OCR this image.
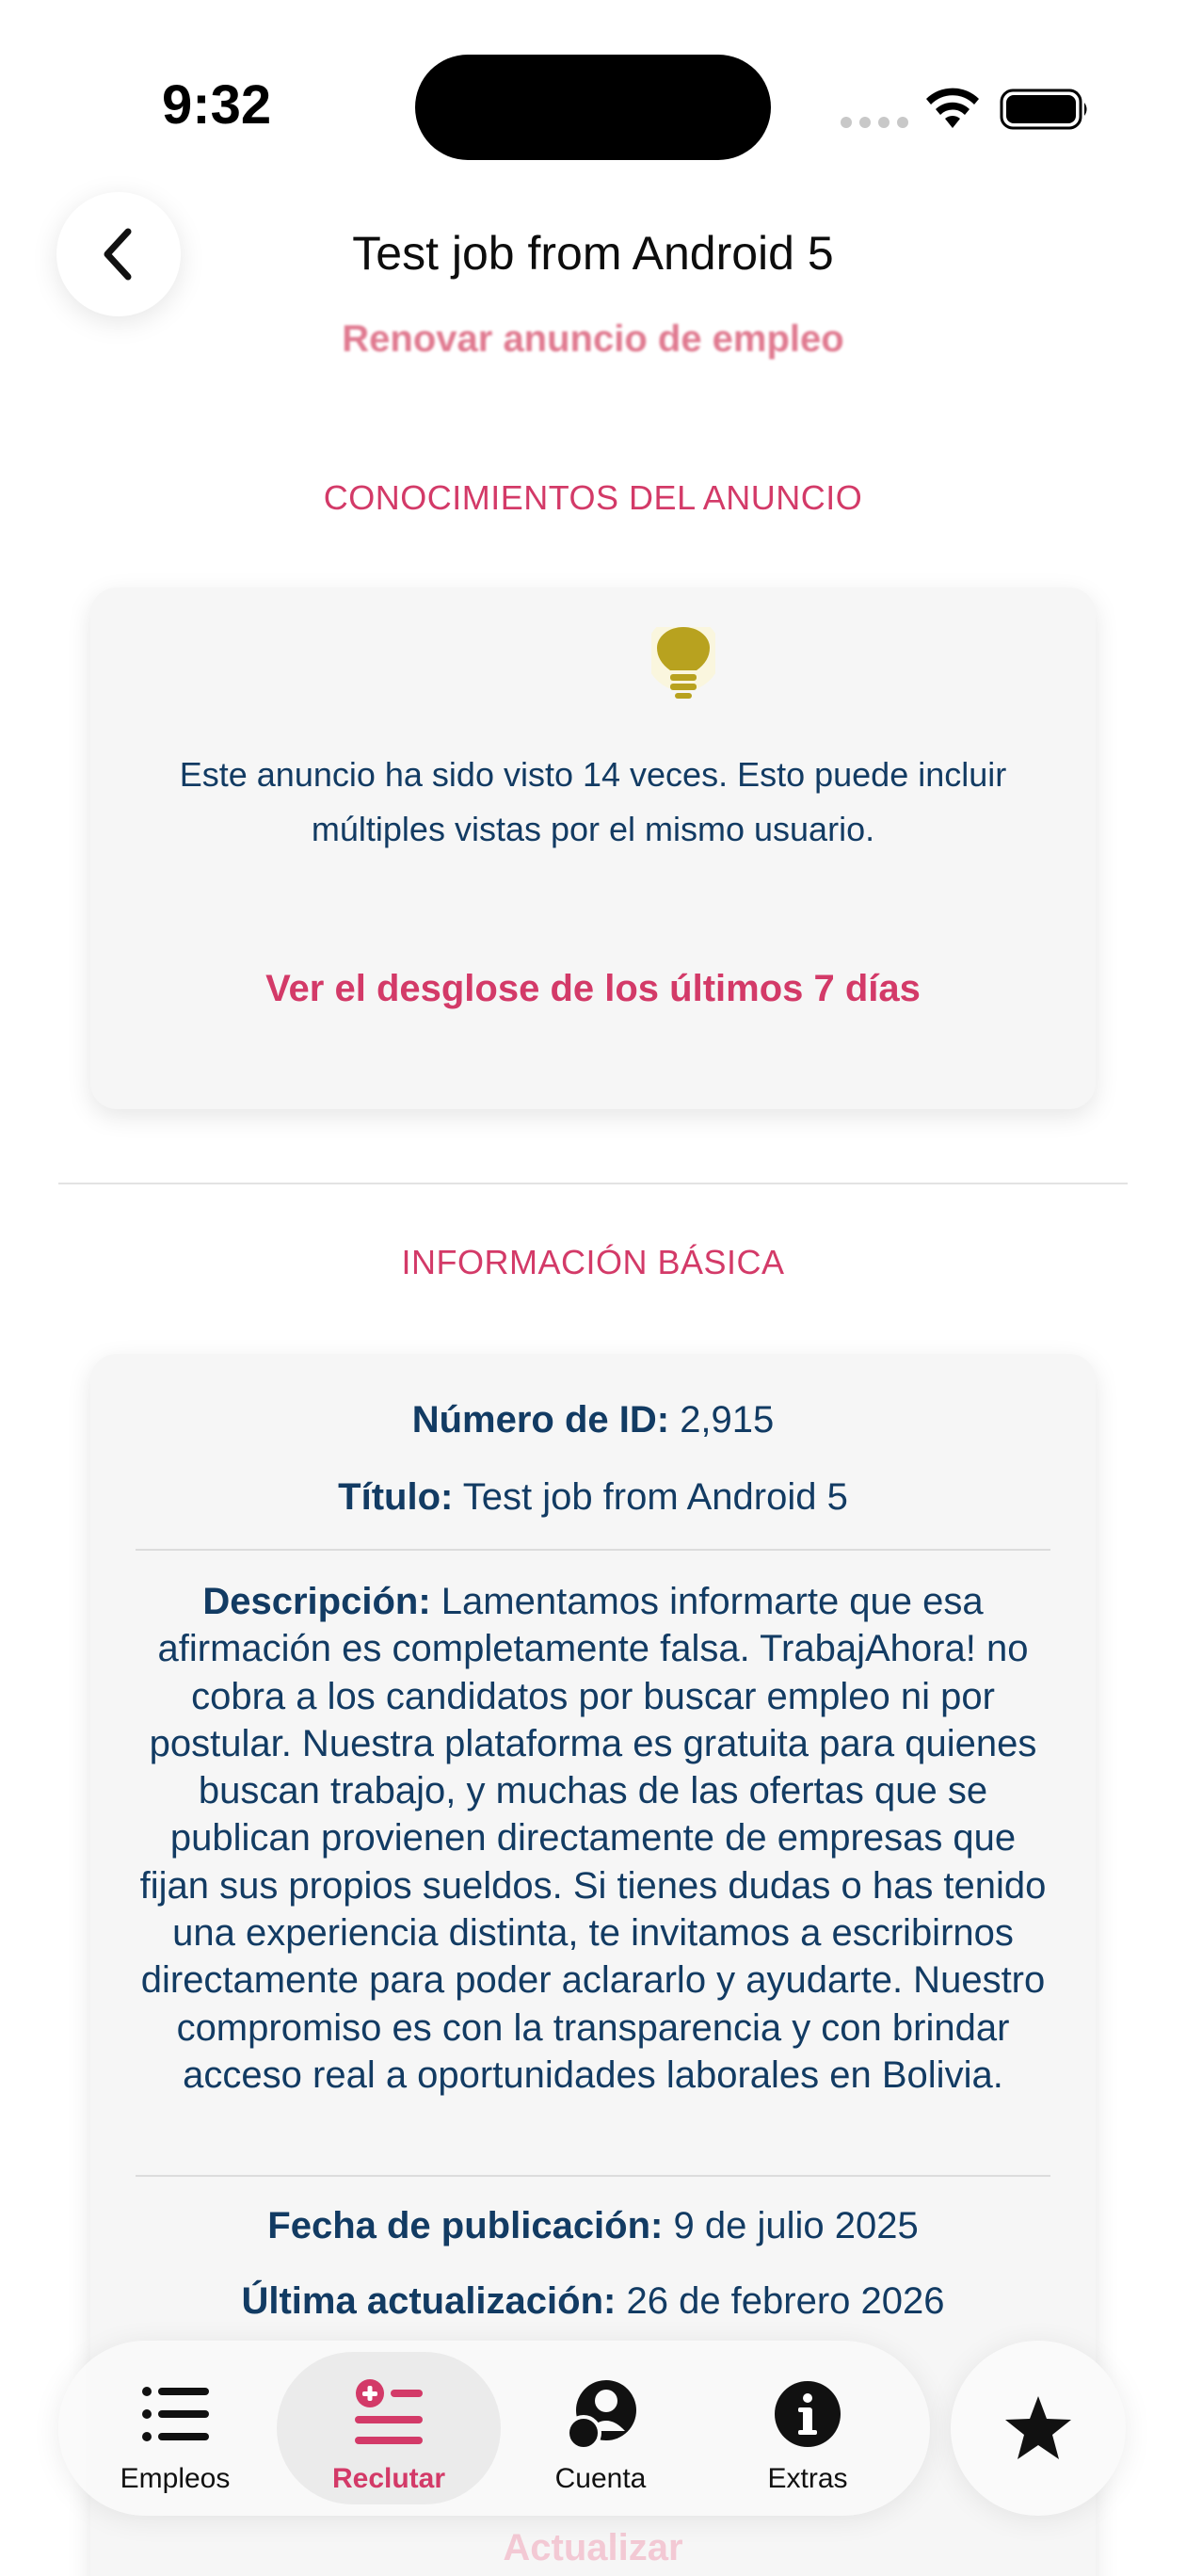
9:32
Test job from Android 5
Renovar anuncio de empleo
CONOCIMIENTOS DEL ANUNCIO
Este anuncio ha sido visto 14 veces. Esto puede incluir múltiples vistas por el mismo usuario.
Ver el desglose de los últimos 7 días
INFORMACIÓN BÁSICA
Número de ID: 2,915
Título: Test job from Android 5
Descripción: Lamentamos informarte que esa afirmación es completamente falsa. TrabajAhora! no cobra a los candidatos por buscar empleo ni por postular. Nuestra plataforma es gratuita para quienes buscan trabajo, y muchas de las ofertas que se publican provienen directamente de empresas que fijan sus propios sueldos. Si tienes dudas o has tenido una experiencia distinta, te invitamos a escribirnos directamente para poder aclararlo y ayudarte. Nuestro compromiso es con la transparencia y con brindar acceso real a oportunidades laborales en Bolivia.
Fecha de publicación: 9 de julio 2025
Última actualización: 26 de febrero 2026
Actualizar
Empleos	Reclutar	Cuenta	Extras
